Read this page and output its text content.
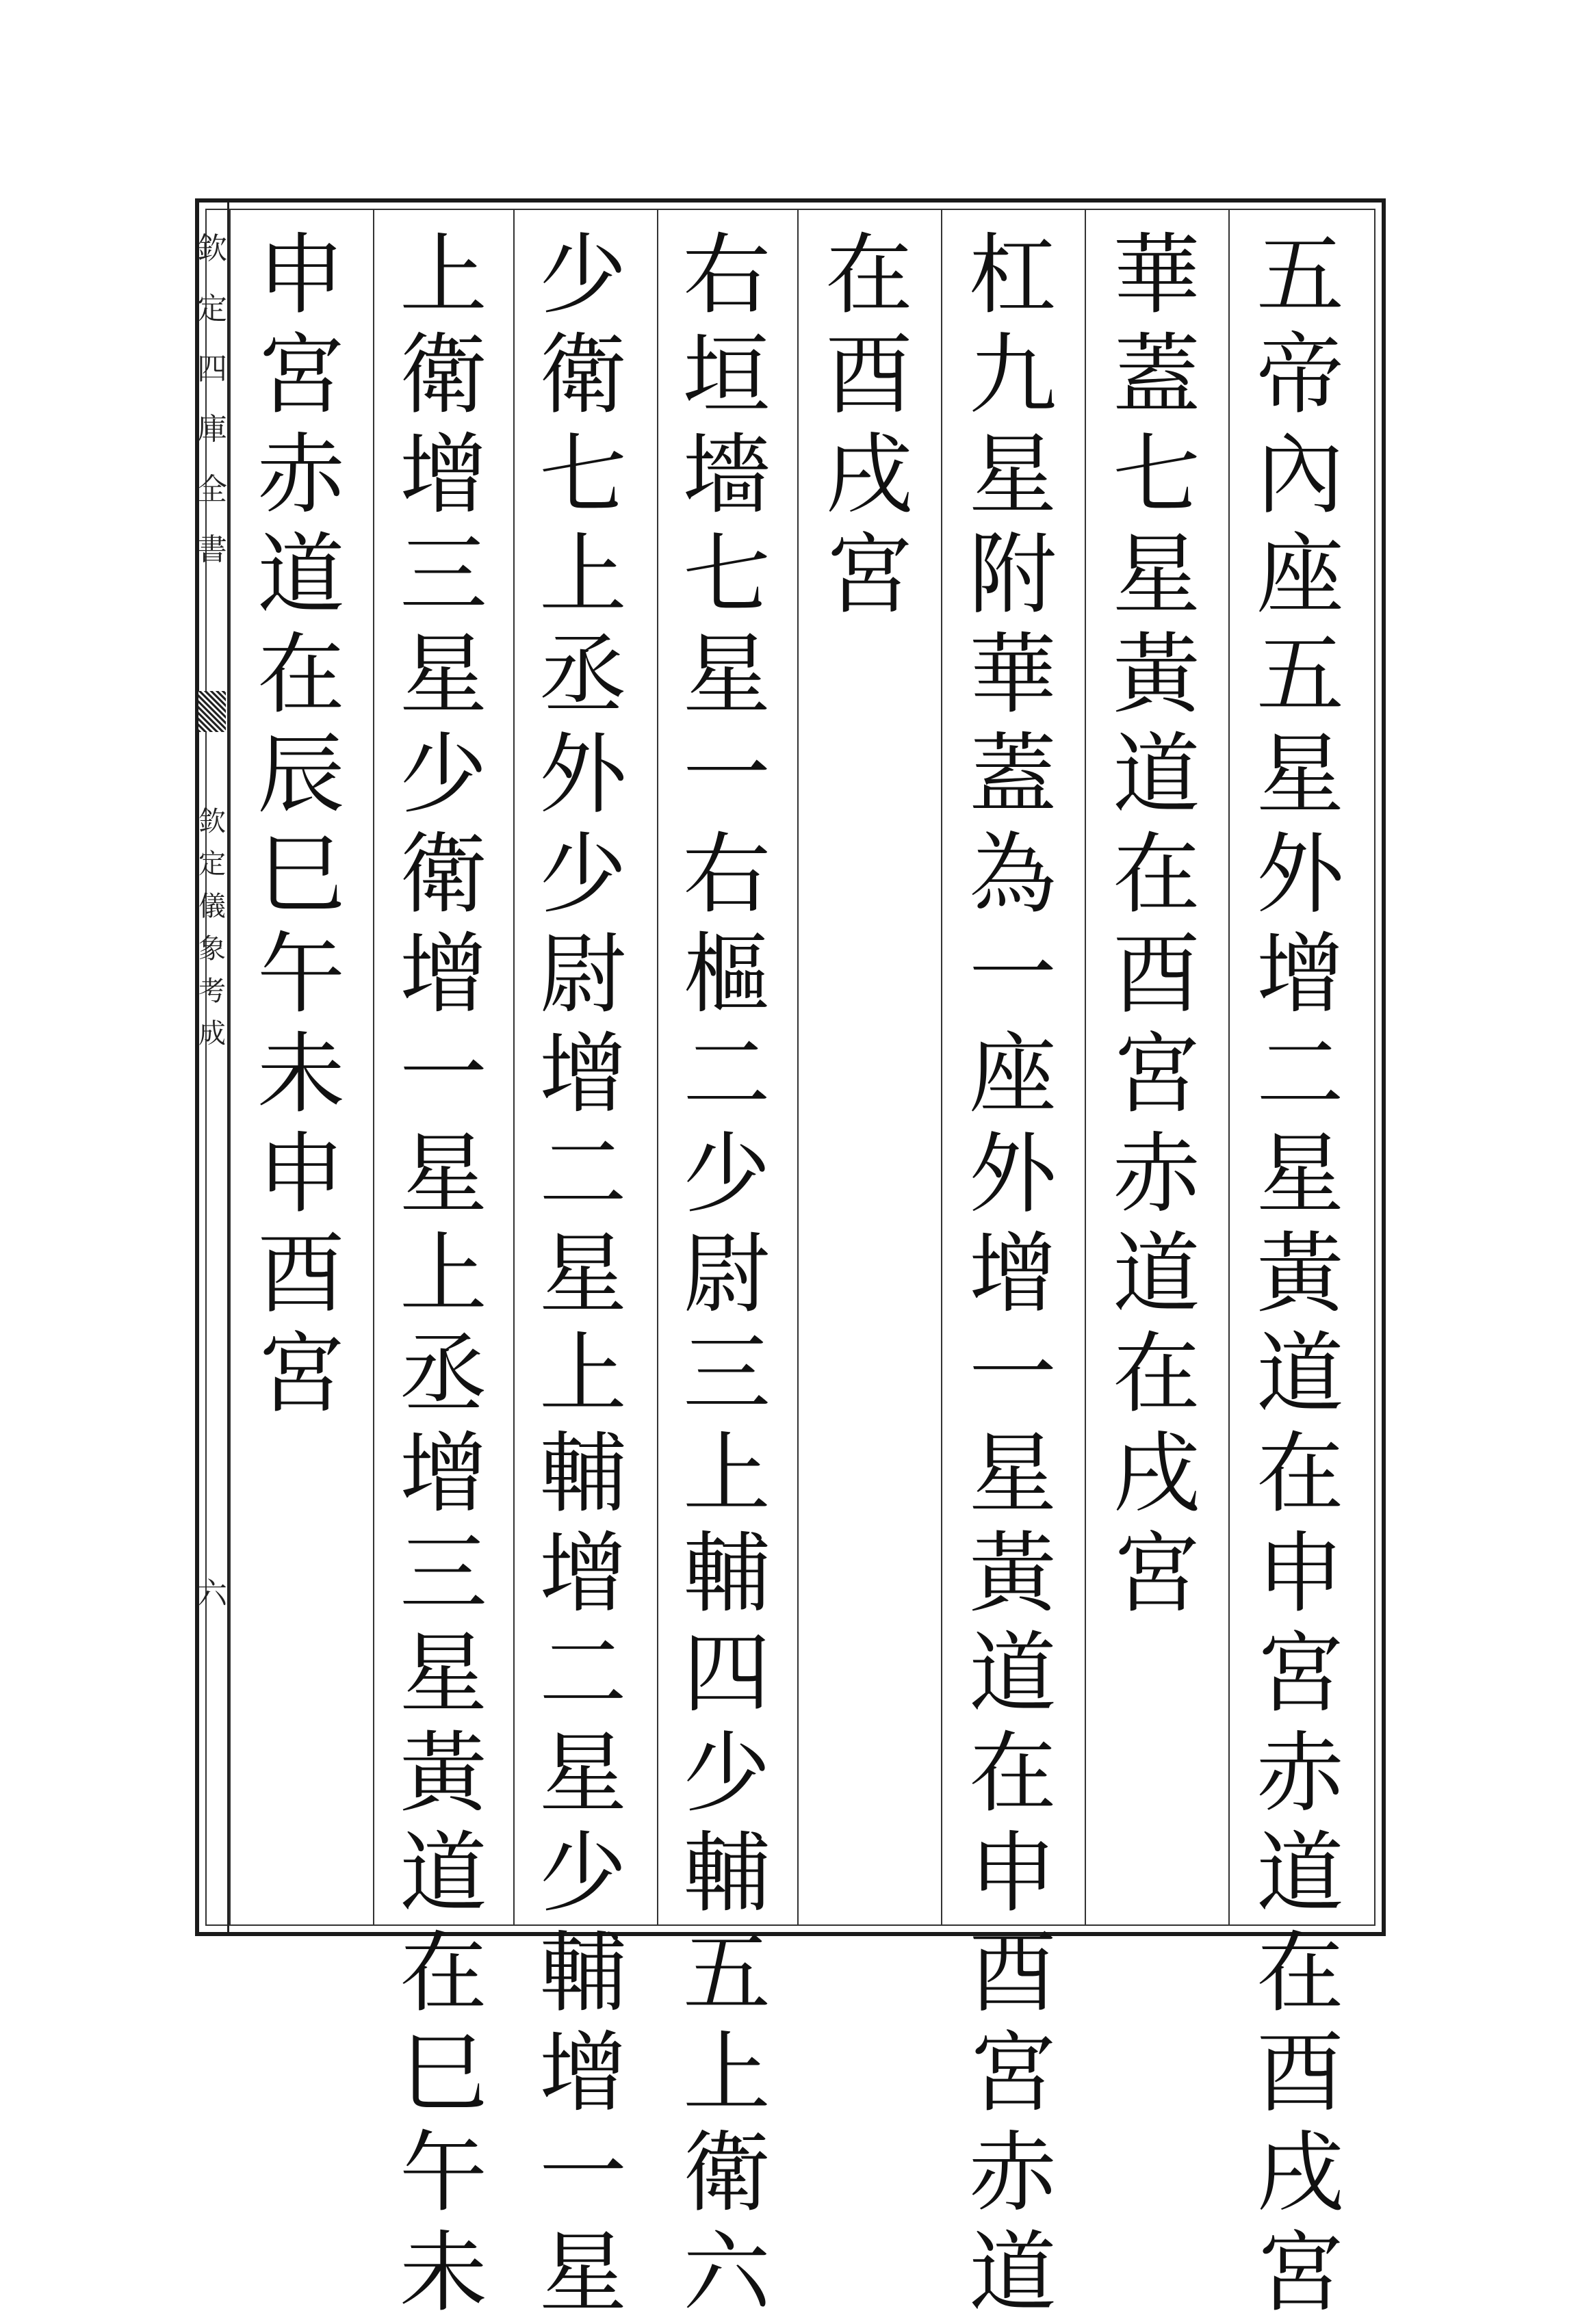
欽
定
四
庫
全
書
欽
定
儀
象
考
成
六
五
帝
內
座
五
星
外
增
二
星
黃
道
在
申
宮
赤
道
在
酉
戌
宮
華
蓋
七
星
黃
道
在
酉
宮
赤
道
在
戌
宮
杠
九
星
附
華
蓋
為
一
座
外
增
一
星
黃
道
在
申
酉
宮
赤
道
在
酉
戌
宮
右
垣
墻
七
星
一
右
樞
二
少
尉
三
上
輔
四
少
輔
五
上
衛
六
少
衛
七
上
丞
外
少
尉
增
二
星
上
輔
增
二
星
少
輔
增
一
星
上
衛
增
三
星
少
衛
增
一
星
上
丞
增
三
星
黃
道
在
巳
午
未
申
宮
赤
道
在
辰
巳
午
未
申
酉
宮
